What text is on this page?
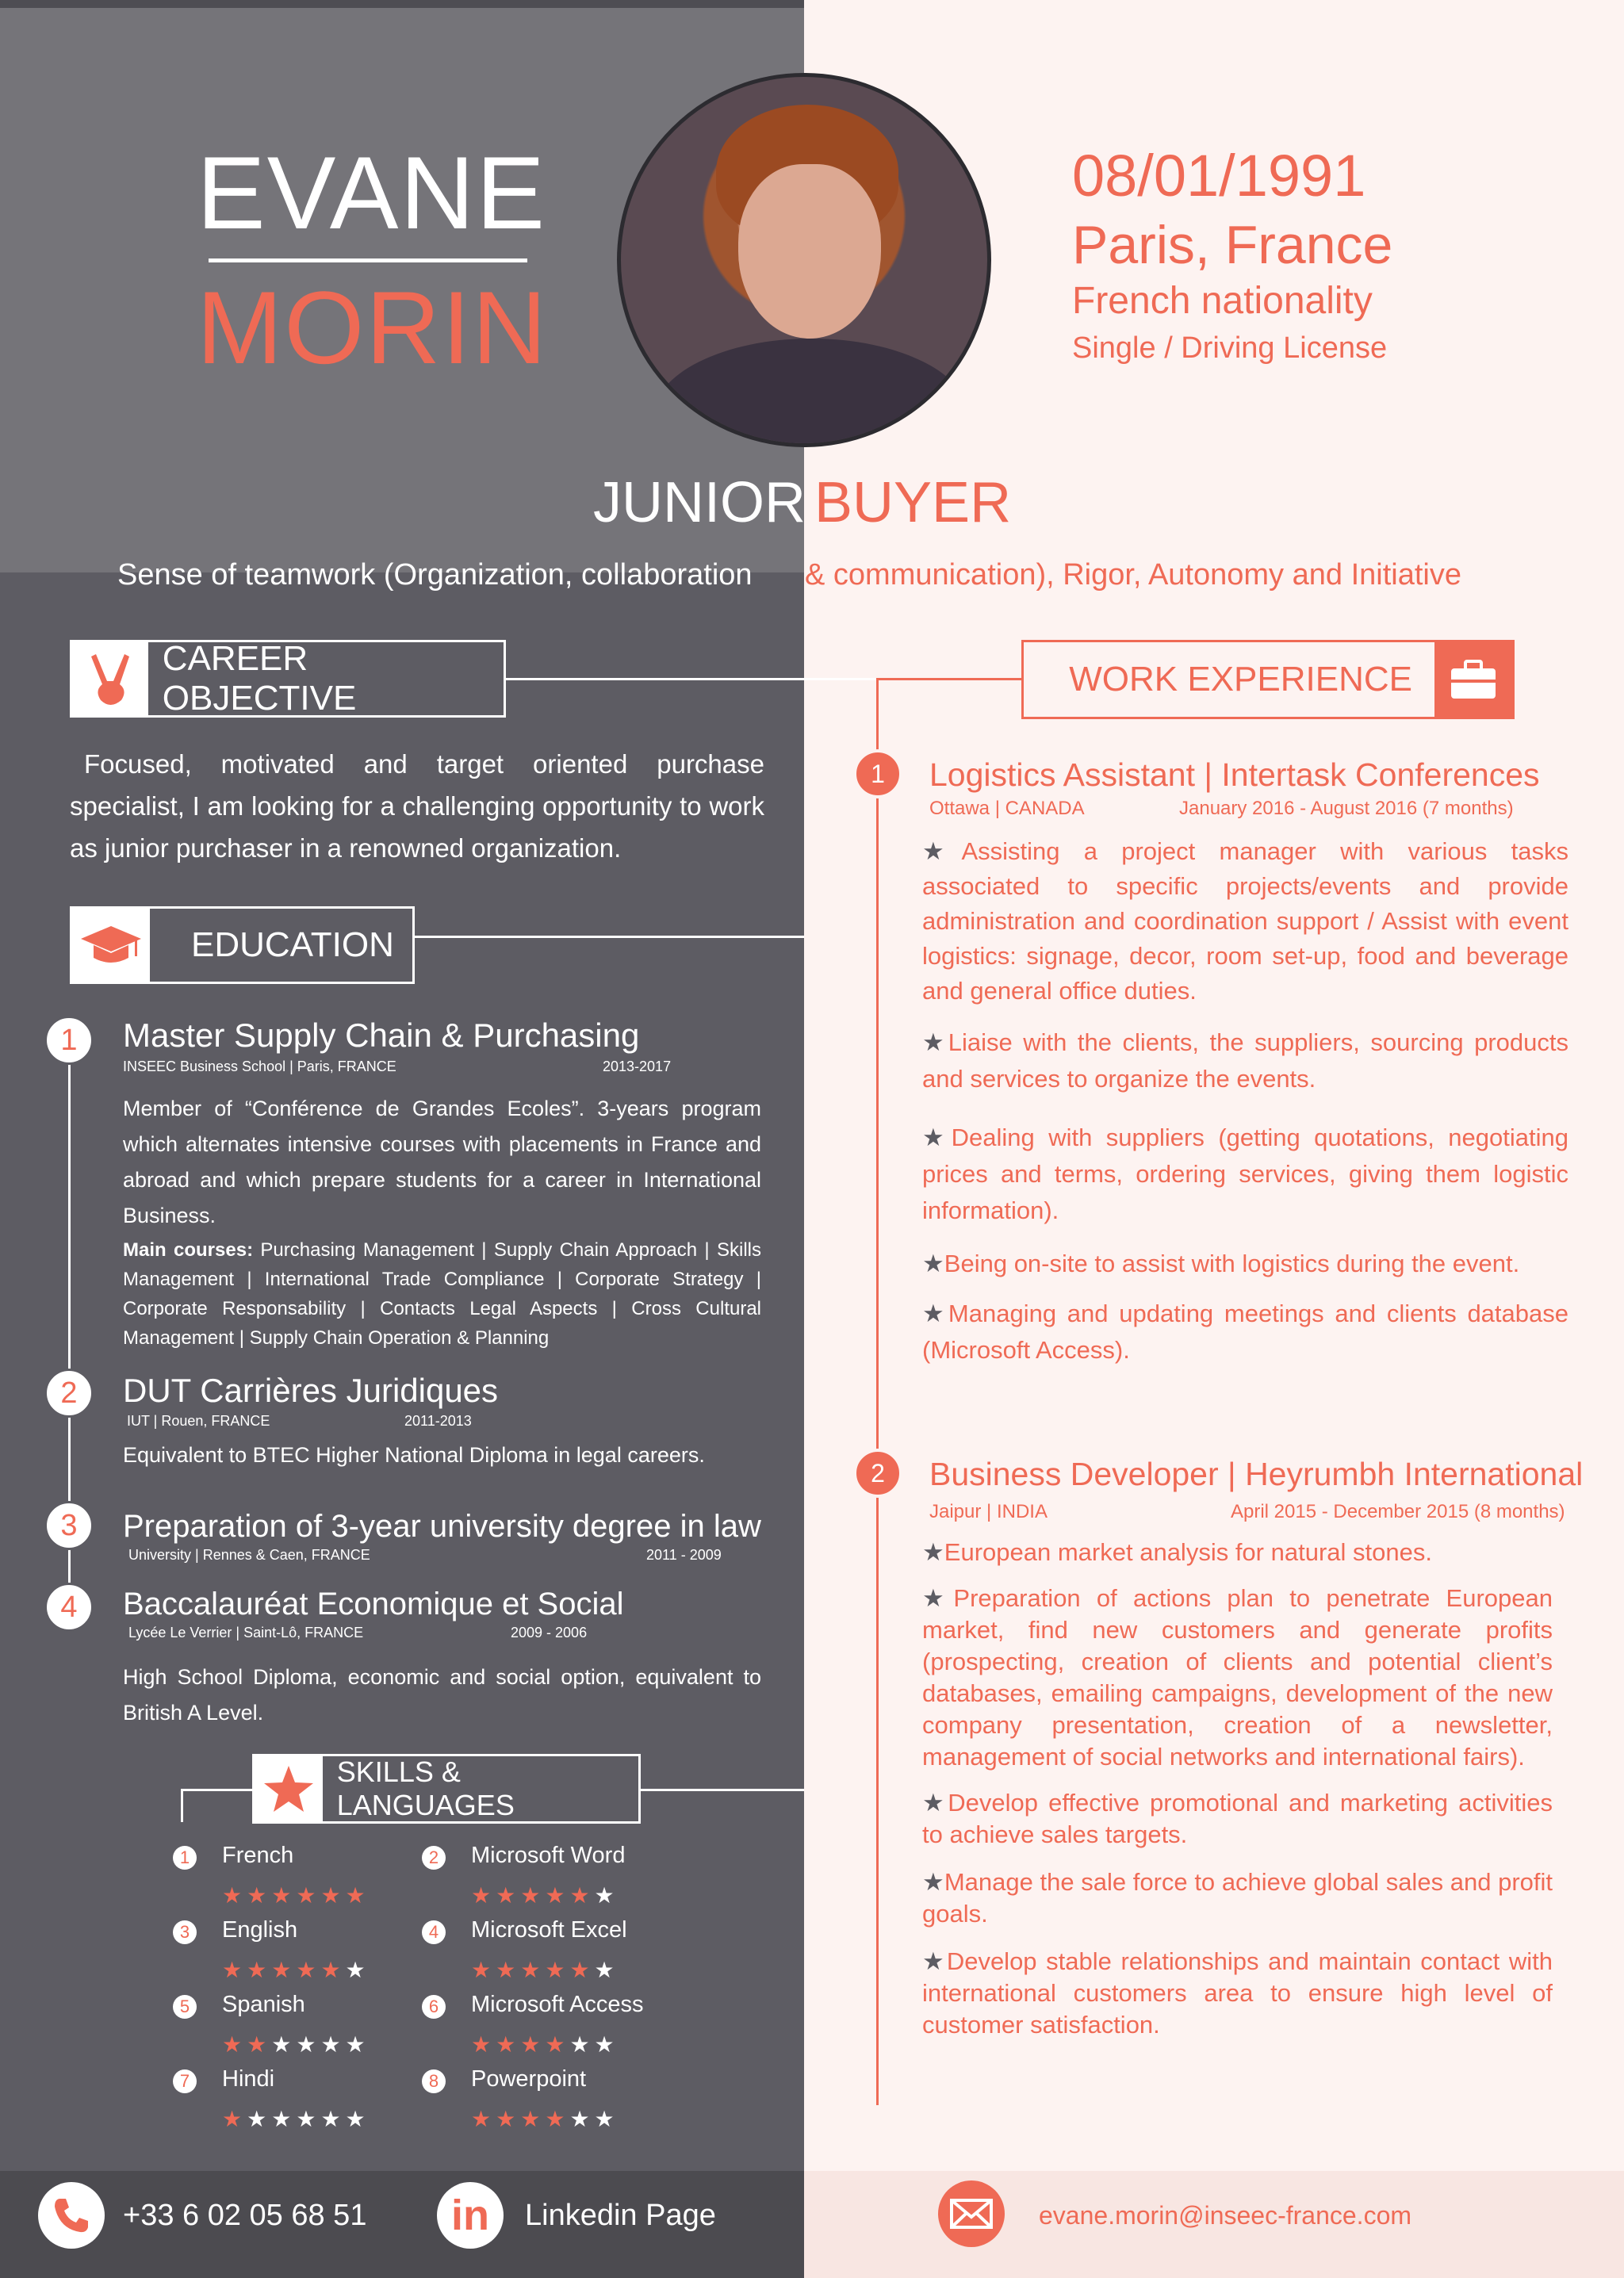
EVANE
MORIN
08/01/1991
Paris, France
French nationality
Single / Driving License
JUNIOR BUYER
Sense of teamwork (Organization, collaboration & communication), Rigor, Autonomy and Initiative
CAREER OBJECTIVE
Focused, motivated and target oriented purchase specialist, I am looking for a challenging opportunity to work as junior purchaser in a renowned organization.
EDUCATION
1	Master Supply Chain & Purchasing
INSEEC Business School | Paris, FRANCE	2013-2017
Member of “Conférence de Grandes Ecoles”. 3-years program which alternates intensive courses with placements in France and abroad and which prepare students for a career in International Business.
Main courses: Purchasing Management | Supply Chain Approach | Skills Management | International Trade Compliance | Corporate Strategy | Corporate Responsability | Contacts Legal Aspects | Cross Cultural Management | Supply Chain Operation & Planning
2	DUT Carrières Juridiques
IUT | Rouen, FRANCE	2011-2013
Equivalent to BTEC Higher National Diploma in legal careers.
3	Preparation of 3-year university degree in law
University | Rennes & Caen, FRANCE	2011 - 2009
4	Baccalauréat Economique et Social
Lycée Le Verrier | Saint-Lô, FRANCE	2009 - 2006
High School Diploma, economic and social option, equivalent to British A Level.
SKILLS & LANGUAGES
1	French
★★★★★★
2	Microsoft Word
★★★★★★
3	English
★★★★★★
4	Microsoft Excel
★★★★★★
5	Spanish
★★★★★★
6	Microsoft Access
★★★★★★
7	Hindi
★★★★★★
8	Powerpoint
★★★★★★
WORK EXPERIENCE
1	Logistics Assistant | Intertask Conferences
Ottawa | CANADA	January 2016 - August 2016 (7 months)
★Assisting a project manager with various tasks associated to specific projects/events and provide administration and coordination support / Assist with event logistics: signage, decor, room set-up, food and beverage and general office duties.
★Liaise with the clients, the suppliers, sourcing products and services to organize the events.
★Dealing with suppliers (getting quotations, negotiating prices and terms, ordering services, giving them logistic information).
★Being on-site to assist with logistics during the event.
★Managing and updating meetings and clients database (Microsoft Access).
2	Business Developer | Heyrumbh International
Jaipur | INDIA	April 2015 - December 2015 (8 months)
★European market analysis for natural stones.
★Preparation of actions plan to penetrate European market, find new customers and generate profits (prospecting, creation of clients and potential client’s databases, emailing campaigns, development of the new company presentation, creation of a newsletter, management of social networks and international fairs).
★Develop effective promotional and marketing activities to achieve sales targets.
★Manage the sale force to achieve global sales and profit goals.
★Develop stable relationships and maintain contact with international customers area to ensure high level of customer satisfaction.
+33 6 02 05 68 51 in Linkedin Page	evane.morin@inseec-france.com
